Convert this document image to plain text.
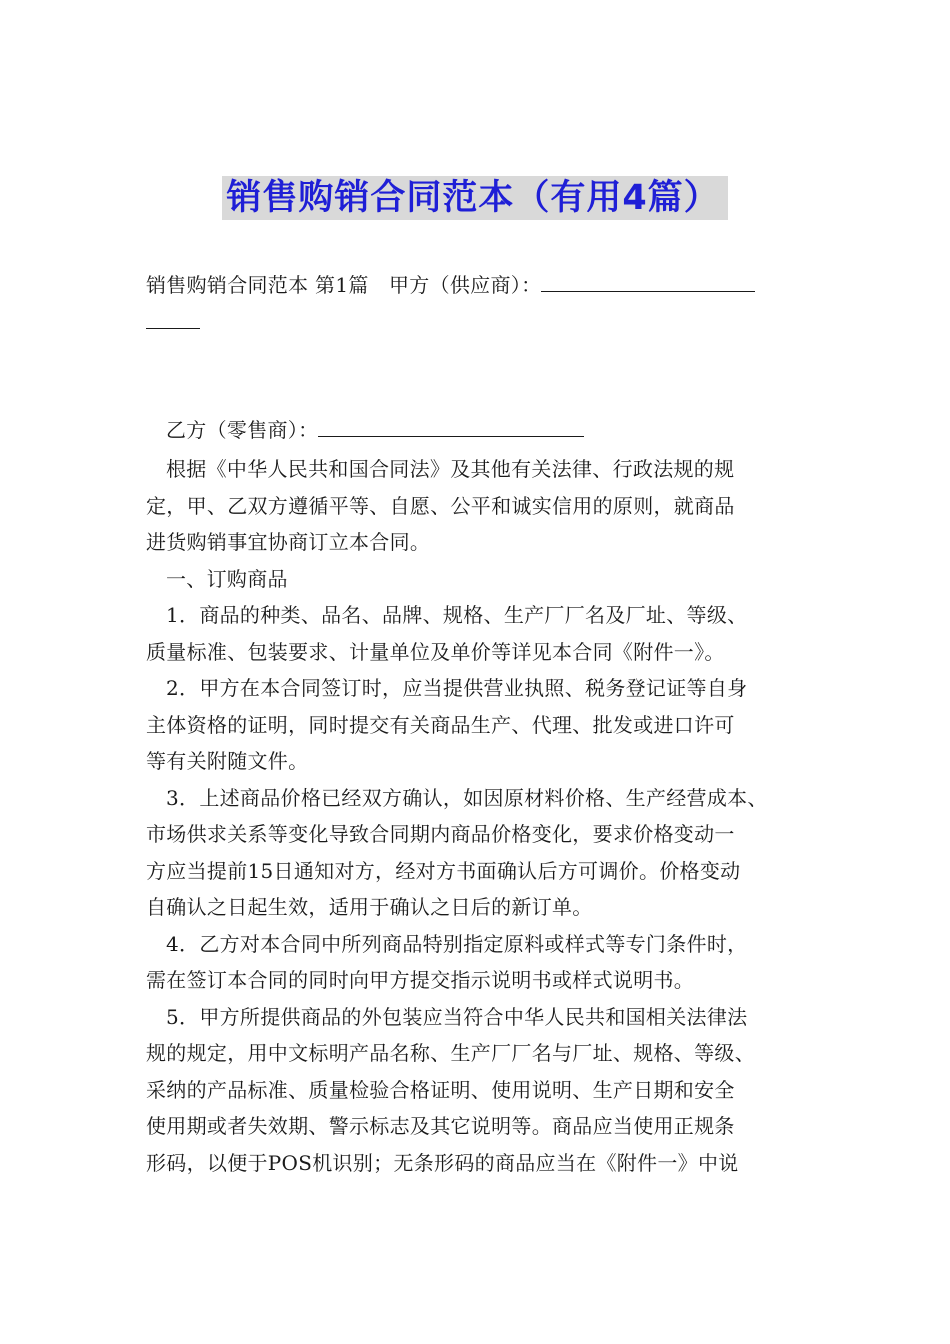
销售购销合同范本（有用4篇）
销售购销合同范本 第1篇　甲方（供应商）：
乙方（零售商）：
根据《中华人民共和国合同法》及其他有关法律、行政法规的规
定，甲、乙双方遵循平等、自愿、公平和诚实信用的原则，就商品
进货购销事宜协商订立本合同。
一、订购商品
1．商品的种类、品名、品牌、规格、生产厂厂名及厂址、等级、
质量标准、包装要求、计量单位及单价等详见本合同《附件一》。
2．甲方在本合同签订时，应当提供营业执照、税务登记证等自身
主体资格的证明，同时提交有关商品生产、代理、批发或进口许可
等有关附随文件。
3．上述商品价格已经双方确认，如因原材料价格、生产经营成本、
市场供求关系等变化导致合同期内商品价格变化，要求价格变动一
方应当提前15日通知对方，经对方书面确认后方可调价。价格变动
自确认之日起生效，适用于确认之日后的新订单。
4．乙方对本合同中所列商品特别指定原料或样式等专门条件时，
需在签订本合同的同时向甲方提交指示说明书或样式说明书。
5．甲方所提供商品的外包装应当符合中华人民共和国相关法律法
规的规定，用中文标明产品名称、生产厂厂名与厂址、规格、等级、
采纳的产品标准、质量检验合格证明、使用说明、生产日期和安全
使用期或者失效期、警示标志及其它说明等。商品应当使用正规条
形码，以便于POS机识别；无条形码的商品应当在《附件一》中说
